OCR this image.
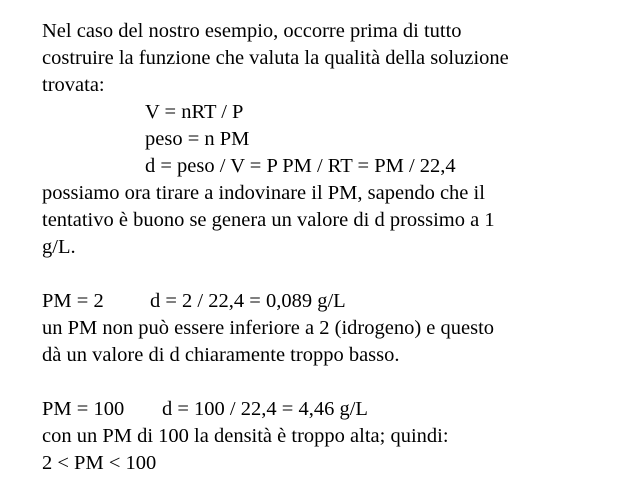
Nel caso del nostro esempio, occorre prima di tutto
costruire la funzione che valuta la qualità della soluzione
trovata:
V = nRT / P
peso = n PM
d = peso / V = P PM / RT = PM / 22,4
possiamo ora tirare a indovinare il PM, sapendo che il
tentativo è buono se genera un valore di d prossimo a 1
g/L.
PM = 2 d = 2 / 22,4 = 0,089 g/L
un PM non può essere inferiore a 2 (idrogeno) e questo
dà un valore di d chiaramente troppo basso.
PM = 100 d = 100 / 22,4 = 4,46 g/L
con un PM di 100 la densità è troppo alta; quindi:
2 < PM < 100
